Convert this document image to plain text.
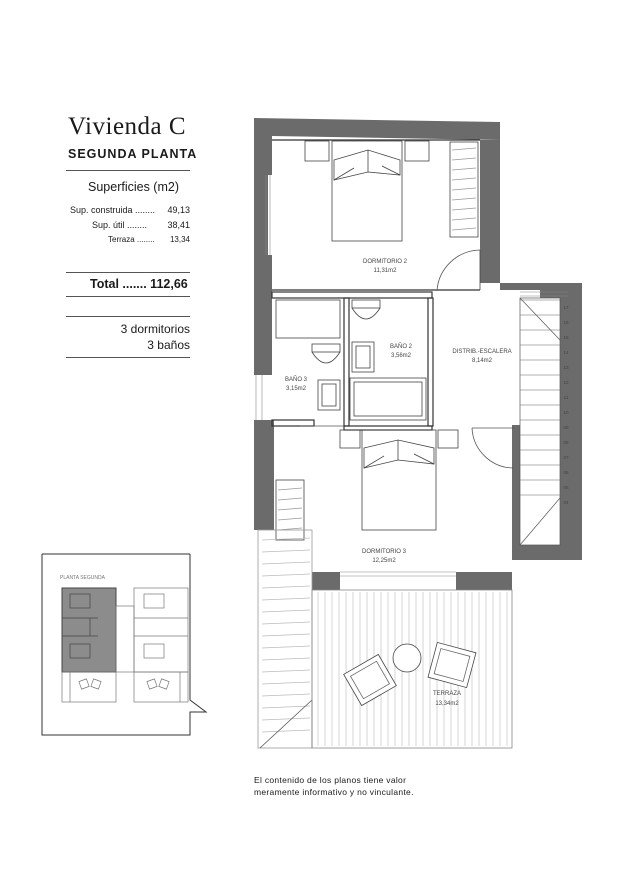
Vivienda C
SEGUNDA PLANTA
Superficies (m2)
Sup. construida ........ 49,13
Sup. útil ........ 38,41
Terraza ........ 13,34
Total ....... 112,66
3 dormitorios
3 baños
PLANTA SEGUNDA
17
16
15
14
13
12
11
10
09
08
07
06
05
04
DORMITORIO 2
11,31m2
BAÑO 2
3,56m2
DISTRIB.-ESCALERA
8,14m2
BAÑO 3
3,15m2
DORMITORIO 3
12,25m2
TERRAZA
13,34m2
El contenido de los planos tiene valor
meramente informativo y no vinculante.
